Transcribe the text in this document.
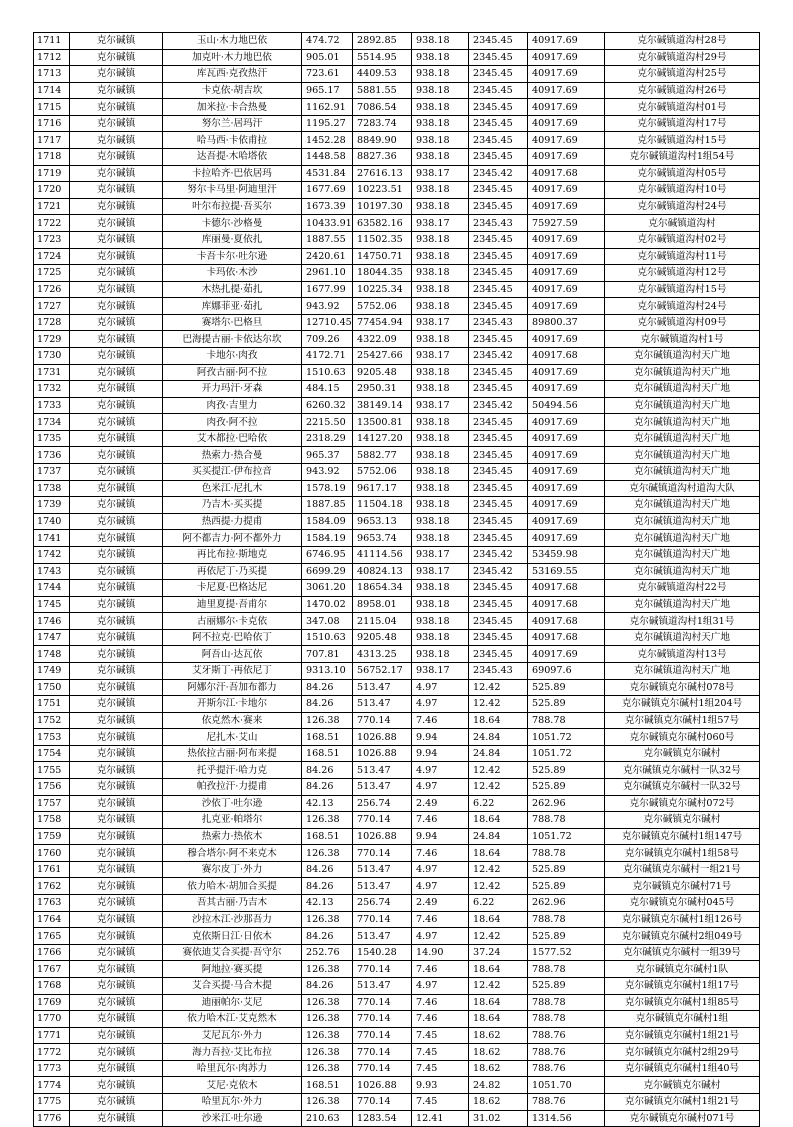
1711	克尔碱镇	玉山·木力地巴依	474.72	2892.85	938.18	2345.45	40917.69	克尔碱镇道沟村28号
1712	克尔碱镇	加克叶·木力地巴依	905.01	5514.95	938.18	2345.45	40917.69	克尔碱镇道沟村29号
1713	克尔碱镇	库瓦西·克孜热汗	723.61	4409.53	938.18	2345.45	40917.69	克尔碱镇道沟村25号
1714	克尔碱镇	卡克依·胡吉坎	965.17	5881.55	938.18	2345.45	40917.69	克尔碱镇道沟村26号
1715	克尔碱镇	加米拉·卡合热曼	1162.91	7086.54	938.18	2345.45	40917.69	克尔碱镇道沟村01号
1716	克尔碱镇	努尔兰·居玛汗	1195.27	7283.74	938.18	2345.45	40917.69	克尔碱镇道沟村17号
1717	克尔碱镇	哈马西·卡依甫拉	1452.28	8849.90	938.18	2345.45	40917.69	克尔碱镇道沟村15号
1718	克尔碱镇	达吾提·木哈塔依	1448.58	8827.36	938.18	2345.45	40917.69	克尔碱镇道沟村1组54号
1719	克尔碱镇	卡拉哈齐·巴依居玛	4531.84	27616.13	938.17	2345.42	40917.68	克尔碱镇道沟村05号
1720	克尔碱镇	努尔卡马里·阿迪里汗	1677.69	10223.51	938.18	2345.45	40917.69	克尔碱镇道沟村10号
1721	克尔碱镇	叶尔布拉提·吾买尔	1673.39	10197.30	938.18	2345.45	40917.69	克尔碱镇道沟村24号
1722	克尔碱镇	卡德尔·沙格曼	10433.91	63582.16	938.17	2345.43	75927.59	克尔碱镇道沟村
1723	克尔碱镇	库丽曼·夏依扎	1887.55	11502.35	938.18	2345.45	40917.69	克尔碱镇道沟村02号
1724	克尔碱镇	卡吾卡尔·吐尔逊	2420.61	14750.71	938.18	2345.45	40917.69	克尔碱镇道沟村11号
1725	克尔碱镇	卡玛依·木沙	2961.10	18044.35	938.18	2345.45	40917.69	克尔碱镇道沟村12号
1726	克尔碱镇	木热扎提·茹扎	1677.99	10225.34	938.18	2345.45	40917.69	克尔碱镇道沟村15号
1727	克尔碱镇	库娜菲亚·茹扎	943.92	5752.06	938.18	2345.45	40917.69	克尔碱镇道沟村24号
1728	克尔碱镇	赛塔尔·巴格旦	12710.45	77454.94	938.17	2345.43	89800.37	克尔碱镇道沟村09号
1729	克尔碱镇	巴海提古丽·卡依达尔坎	709.26	4322.09	938.18	2345.45	40917.69	克尔碱镇道沟村1号
1730	克尔碱镇	卡地尔·肉孜	4172.71	25427.66	938.17	2345.42	40917.68	克尔碱镇道沟村天广地
1731	克尔碱镇	阿孜古丽·阿不拉	1510.63	9205.48	938.18	2345.45	40917.69	克尔碱镇道沟村天广地
1732	克尔碱镇	开力玛汗·牙森	484.15	2950.31	938.18	2345.45	40917.69	克尔碱镇道沟村天广地
1733	克尔碱镇	肉孜·吉里力	6260.32	38149.14	938.17	2345.42	50494.56	克尔碱镇道沟村天广地
1734	克尔碱镇	肉孜·阿不拉	2215.50	13500.81	938.18	2345.45	40917.69	克尔碱镇道沟村天广地
1735	克尔碱镇	艾木都拉·巴哈依	2318.29	14127.20	938.18	2345.45	40917.69	克尔碱镇道沟村天广地
1736	克尔碱镇	热索力·热合曼	965.37	5882.77	938.18	2345.45	40917.69	克尔碱镇道沟村天广地
1737	克尔碱镇	买买提江·伊布拉音	943.92	5752.06	938.18	2345.45	40917.69	克尔碱镇道沟村天广地
1738	克尔碱镇	色米江·尼扎木	1578.19	9617.17	938.18	2345.45	40917.69	克尔碱镇道沟村道沟大队
1739	克尔碱镇	乃吉木·买买提	1887.85	11504.18	938.18	2345.45	40917.69	克尔碱镇道沟村天广地
1740	克尔碱镇	热西提·力提甫	1584.09	9653.13	938.18	2345.45	40917.69	克尔碱镇道沟村天广地
1741	克尔碱镇	阿不都吉力·阿不都外力	1584.19	9653.74	938.18	2345.45	40917.69	克尔碱镇道沟村天广地
1742	克尔碱镇	再比布拉·斯地克	6746.95	41114.56	938.17	2345.42	53459.98	克尔碱镇道沟村天广地
1743	克尔碱镇	再依尼丁·乃买提	6699.29	40824.13	938.17	2345.42	53169.55	克尔碱镇道沟村天广地
1744	克尔碱镇	卡尼夏·巴格达尼	3061.20	18654.34	938.18	2345.45	40917.68	克尔碱镇道沟村22号
1745	克尔碱镇	迪里夏提·吾甫尔	1470.02	8958.01	938.18	2345.45	40917.68	克尔碱镇道沟村天广地
1746	克尔碱镇	古丽娜尔·卡克依	347.08	2115.04	938.18	2345.45	40917.68	克尔碱镇道沟村1组31号
1747	克尔碱镇	阿不拉克·巴哈依丁	1510.63	9205.48	938.18	2345.45	40917.68	克尔碱镇道沟村天广地
1748	克尔碱镇	阿吾山·达瓦依	707.81	4313.25	938.18	2345.45	40917.69	克尔碱镇道沟村13号
1749	克尔碱镇	艾牙斯丁·再依尼丁	9313.10	56752.17	938.17	2345.43	69097.6	克尔碱镇道沟村天广地
1750	克尔碱镇	阿娜尔汗·吾加布都力	84.26	513.47	4.97	12.42	525.89	克尔碱镇克尔碱村078号
1751	克尔碱镇	开斯尔江·卡地尔	84.26	513.47	4.97	12.42	525.89	克尔碱镇克尔碱村1组204号
1752	克尔碱镇	依克然木·赛来	126.38	770.14	7.46	18.64	788.78	克尔碱镇克尔碱村1组57号
1753	克尔碱镇	尼扎木·艾山	168.51	1026.88	9.94	24.84	1051.72	克尔碱镇克尔碱村060号
1754	克尔碱镇	热依拉古丽·阿布来提	168.51	1026.88	9.94	24.84	1051.72	克尔碱镇克尔碱村
1755	克尔碱镇	托乎提汗·哈力克	84.26	513.47	4.97	12.42	525.89	克尔碱镇克尔碱村一队32号
1756	克尔碱镇	帕孜拉汗·力提甫	84.26	513.47	4.97	12.42	525.89	克尔碱镇克尔碱村一队32号
1757	克尔碱镇	沙依丁·吐尔逊	42.13	256.74	2.49	6.22	262.96	克尔碱镇克尔碱村072号
1758	克尔碱镇	扎克亚·帕塔尔	126.38	770.14	7.46	18.64	788.78	克尔碱镇克尔碱村
1759	克尔碱镇	热索力·热依木	168.51	1026.88	9.94	24.84	1051.72	克尔碱镇克尔碱村1组147号
1760	克尔碱镇	穆合塔尔·阿不来克木	126.38	770.14	7.46	18.64	788.78	克尔碱镇克尔碱村1组58号
1761	克尔碱镇	赛尔皮丁·外力	84.26	513.47	4.97	12.42	525.89	克尔碱镇克尔碱村一组21号
1762	克尔碱镇	依力哈木·胡加合买提	84.26	513.47	4.97	12.42	525.89	克尔碱镇克尔碱村71号
1763	克尔碱镇	吾其古丽·乃吉木	42.13	256.74	2.49	6.22	262.96	克尔碱镇克尔碱村045号
1764	克尔碱镇	沙拉木江·沙那吾力	126.38	770.14	7.46	18.64	788.78	克尔碱镇克尔碱村1组126号
1765	克尔碱镇	克依斯日江·日依木	84.26	513.47	4.97	12.42	525.89	克尔碱镇克尔碱村2组049号
1766	克尔碱镇	赛依迪艾合买提·吾守尔	252.76	1540.28	14.90	37.24	1577.52	克尔碱镇克尔碱村一组39号
1767	克尔碱镇	阿地拉·赛买提	126.38	770.14	7.46	18.64	788.78	克尔碱镇克尔碱村1队
1768	克尔碱镇	艾合买提·马合木提	84.26	513.47	4.97	12.42	525.89	克尔碱镇克尔碱村1组17号
1769	克尔碱镇	迪丽帕尔·艾尼	126.38	770.14	7.46	18.64	788.78	克尔碱镇克尔碱村1组85号
1770	克尔碱镇	依力哈木江·艾克然木	126.38	770.14	7.46	18.64	788.78	克尔碱镇克尔碱村1组
1771	克尔碱镇	艾尼瓦尔·外力	126.38	770.14	7.45	18.62	788.76	克尔碱镇克尔碱村1组21号
1772	克尔碱镇	海力吾拉·艾比布拉	126.38	770.14	7.45	18.62	788.76	克尔碱镇克尔碱村2组29号
1773	克尔碱镇	哈里瓦尔·肉苏力	126.38	770.14	7.45	18.62	788.76	克尔碱镇克尔碱村1组40号
1774	克尔碱镇	艾尼·克依木	168.51	1026.88	9.93	24.82	1051.70	克尔碱镇克尔碱村
1775	克尔碱镇	哈里瓦尔·外力	126.38	770.14	7.45	18.62	788.76	克尔碱镇克尔碱村1组21号
1776	克尔碱镇	沙米江·吐尔逊	210.63	1283.54	12.41	31.02	1314.56	克尔碱镇克尔碱村071号
